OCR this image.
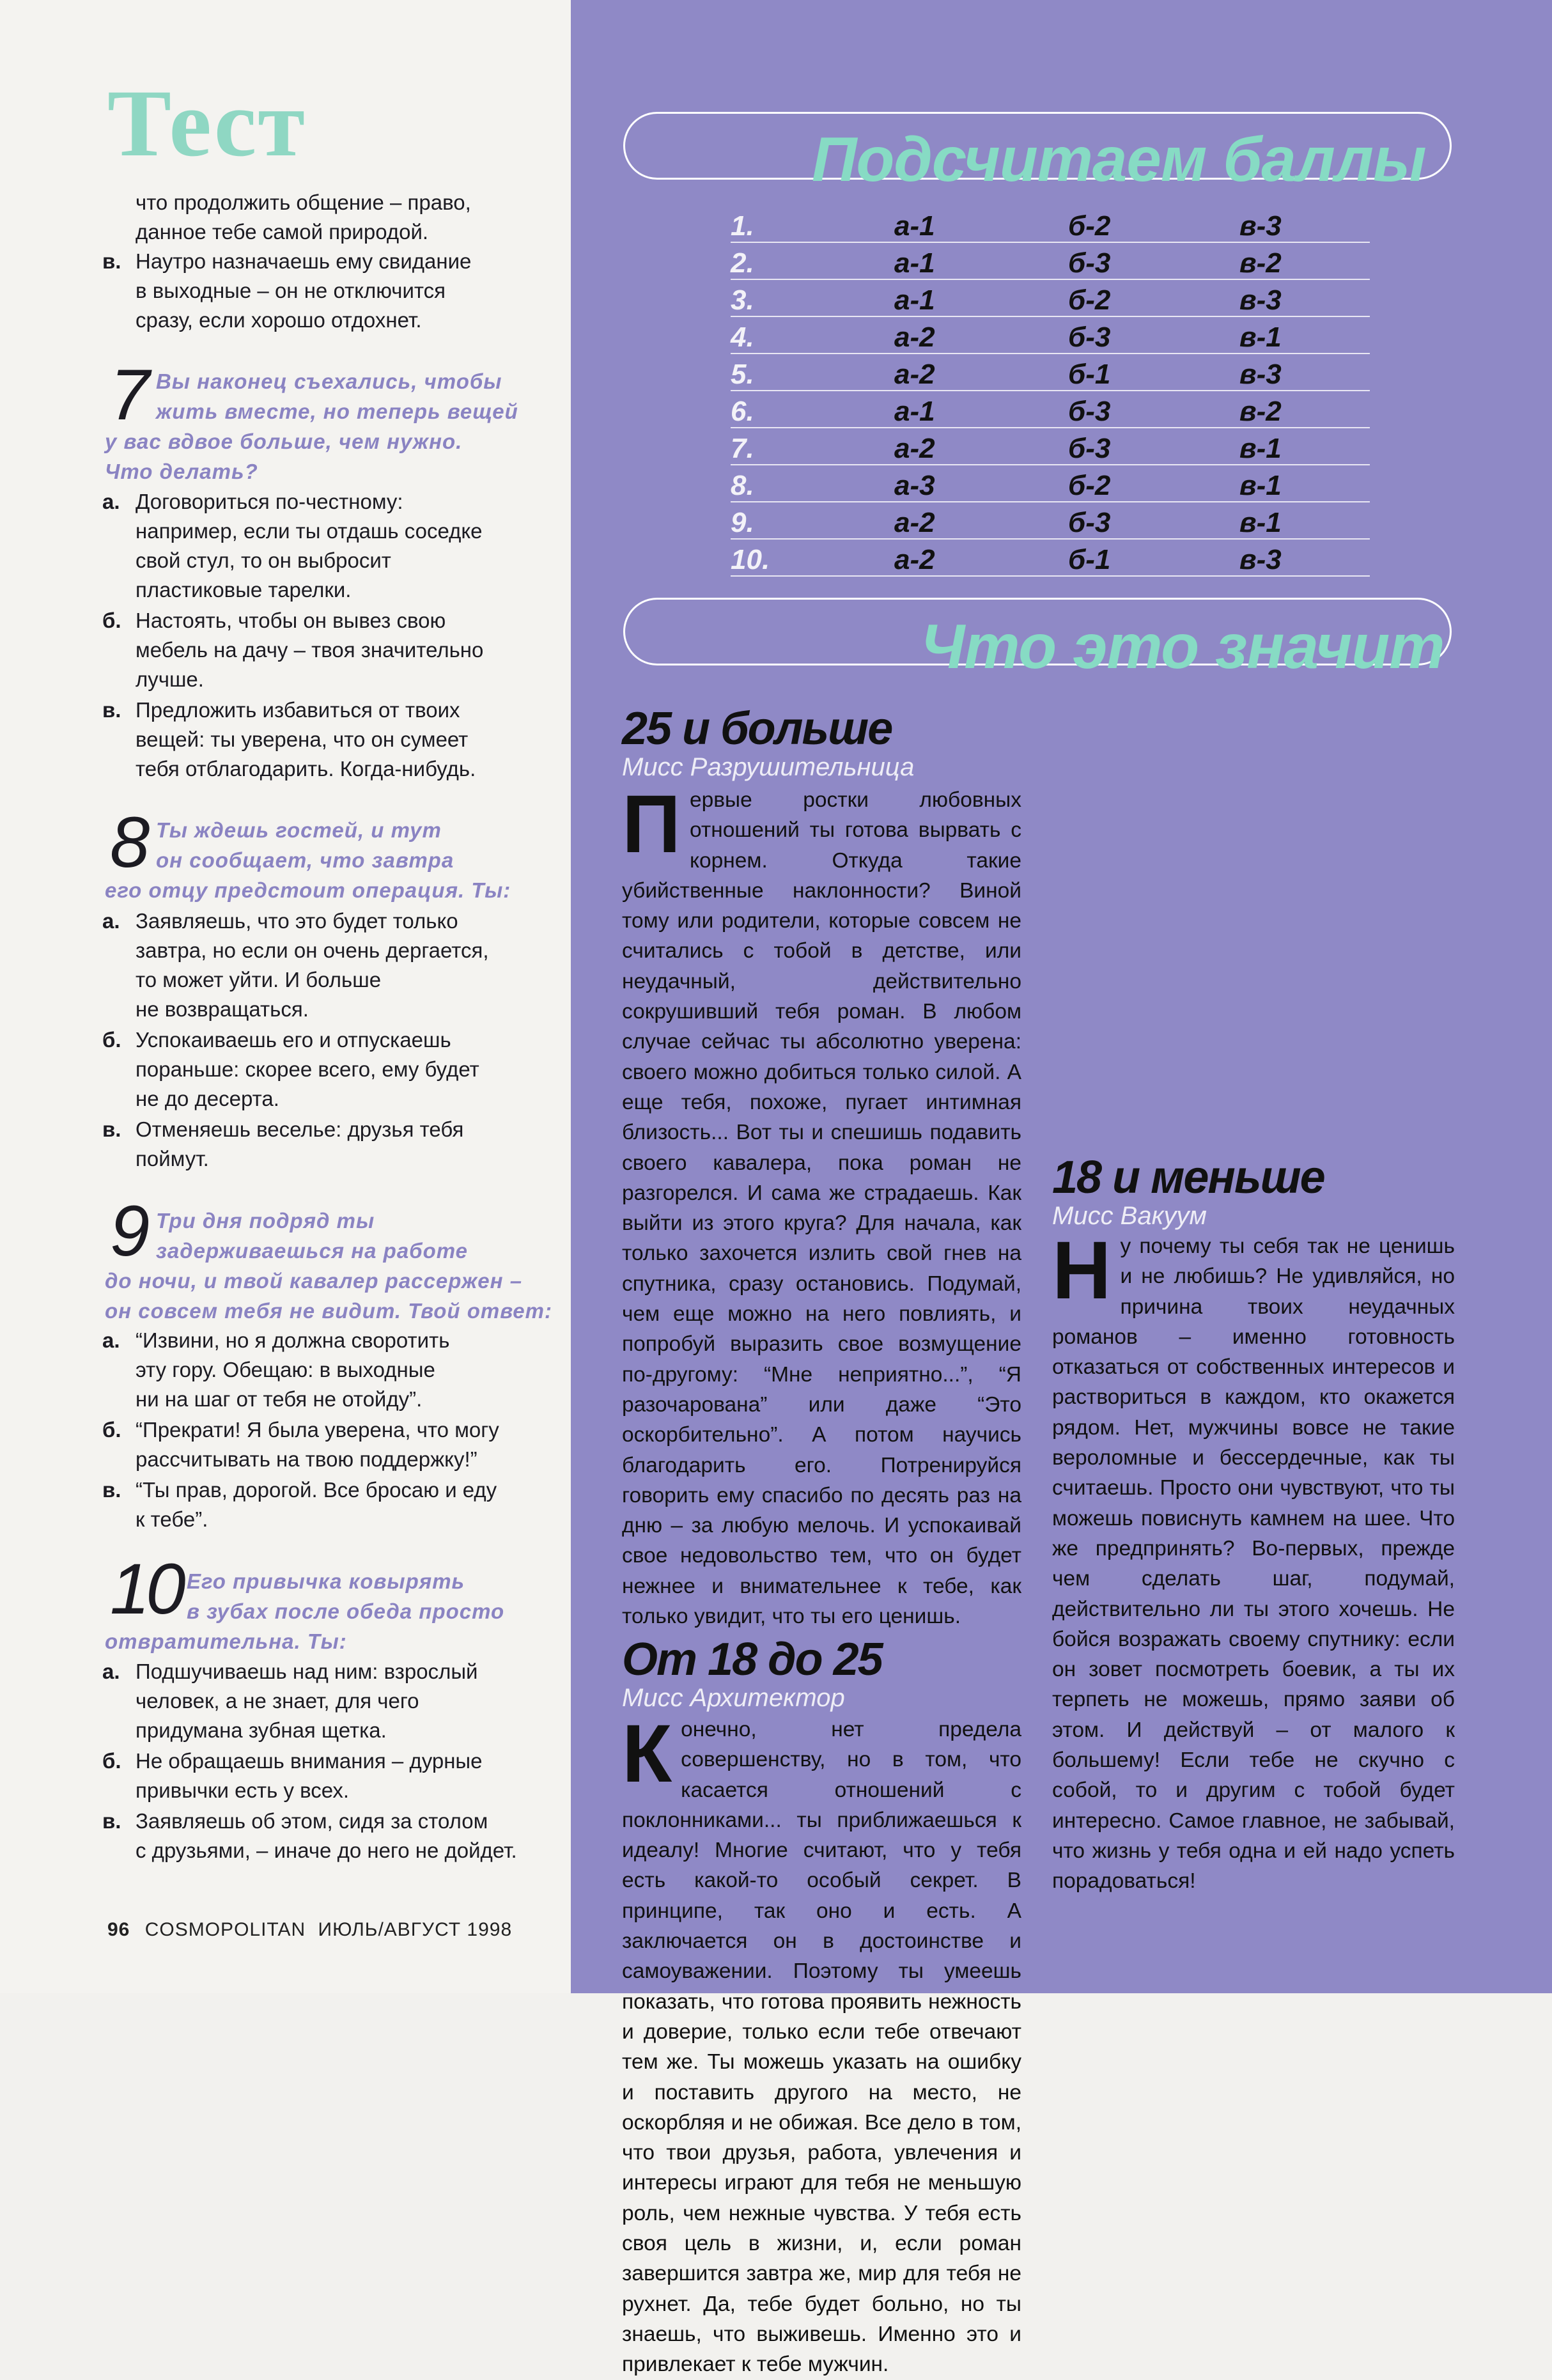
Тест
что продолжить общение – право,
данное тебе самой природой.
в. Наутро назначаешь ему свидание
в выходные – он не отключится
сразу, если хорошо отдохнет.
7 Вы наконец съехались, чтобы
жить вместе, но теперь вещей
у вас вдвое больше, чем нужно.
Что делать?
а. Договориться по-честному:
например, если ты отдашь соседке
свой стул, то он выбросит
пластиковые тарелки.
б. Настоять, чтобы он вывез свою
мебель на дачу – твоя значительно
лучше.
в. Предложить избавиться от твоих
вещей: ты уверена, что он сумеет
тебя отблагодарить. Когда-нибудь.
8 Ты ждешь гостей, и тут
он сообщает, что завтра
его отцу предстоит операция. Ты:
а. Заявляешь, что это будет только
завтра, но если он очень дергается,
то может уйти. И больше
не возвращаться.
б. Успокаиваешь его и отпускаешь
пораньше: скорее всего, ему будет
не до десерта.
в. Отменяешь веселье: друзья тебя
поймут.
9 Три дня подряд ты
задерживаешься на работе
до ночи, и твой кавалер рассержен –
он совсем тебя не видит. Твой ответ:
а. “Извини, но я должна своротить
эту гору. Обещаю: в выходные
ни на шаг от тебя не отойду”.
б. “Прекрати! Я была уверена, что могу
рассчитывать на твою поддержку!”
в. “Ты прав, дорогой. Все бросаю и еду
к тебе”.
10 Его привычка ковырять
в зубах после обеда просто
отвратительна. Ты:
а. Подшучиваешь над ним: взрослый
человек, а не знает, для чего
придумана зубная щетка.
б. Не обращаешь внимания – дурные
привычки есть у всех.
в. Заявляешь об этом, сидя за столом
с друзьями, – иначе до него не дойдет.
96 COSMOPOLITAN ИЮЛЬ/АВГУСТ 1998
Подсчитаем баллы
1.	а-1	б-2	в-3
2.	а-1	б-3	в-2
3.	а-1	б-2	в-3
4.	а-2	б-3	в-1
5.	а-2	б-1	в-3
6.	а-1	б-3	в-2
7.	а-2	б-3	в-1
8.	а-3	б-2	в-1
9.	а-2	б-3	в-1
10.	а-2	б-1	в-3
Что это значит
25 и больше
Мисс Разрушительница
Первые ростки любовных отношений ты готова вырвать с корнем. Откуда такие убийственные наклонности? Виной тому или родители, которые совсем не считались с тобой в детстве, или неудачный, действительно сокрушивший тебя роман. В любом случае сейчас ты абсолютно уверена: своего можно добиться только силой. А еще тебя, похоже, пугает интимная близость... Вот ты и спешишь подавить своего кавалера, пока роман не разгорелся. И сама же страдаешь. Как выйти из этого круга? Для начала, как только захочется излить свой гнев на спутника, сразу остановись. Подумай, чем еще можно на него повлиять, и попробуй выразить свое возмущение по-другому: “Мне неприятно...”, “Я разочарована” или даже “Это оскорбительно”. А потом научись благодарить его. Потренируйся говорить ему спасибо по десять раз на дню – за любую мелочь. И успокаивай свое недовольство тем, что он будет нежнее и внимательнее к тебе, как только увидит, что ты его ценишь.
От 18 до 25
Мисс Архитектор
Конечно, нет предела совершенству, но в том, что касается отношений с поклонниками... ты приближаешься к идеалу! Многие считают, что у тебя есть какой-то особый секрет. В принципе, так оно и есть. А заключается он в достоинстве и самоуважении. Поэтому ты умеешь показать, что готова проявить нежность и доверие, только если тебе отвечают тем же. Ты можешь указать на ошибку и поставить другого на место, не оскорбляя и не обижая. Все дело в том, что твои друзья, работа, увлечения и интересы играют для тебя не меньшую роль, чем нежные чувства. У тебя есть своя цель в жизни, и, если роман завершится завтра же, мир для тебя не рухнет. Да, тебе будет больно, но ты знаешь, что выживешь. Именно это и привлекает к тебе мужчин.
18 и меньше
Мисс Вакуум
Ну почему ты себя так не ценишь и не любишь? Не удивляйся, но причина твоих неудачных романов – именно готовность отказаться от собственных интересов и раствориться в каждом, кто окажется рядом. Нет, мужчины вовсе не такие вероломные и бессердечные, как ты считаешь. Просто они чувствуют, что ты можешь повиснуть камнем на шее. Что же предпринять? Во-первых, прежде чем сделать шаг, подумай, действительно ли ты этого хочешь. Не бойся возражать своему спутнику: если он зовет посмотреть боевик, а ты их терпеть не можешь, прямо заяви об этом. И действуй – от малого к большему! Если тебе не скучно с собой, то и другим с тобой будет интересно. Самое главное, не забывай, что жизнь у тебя одна и ей надо успеть порадоваться!
